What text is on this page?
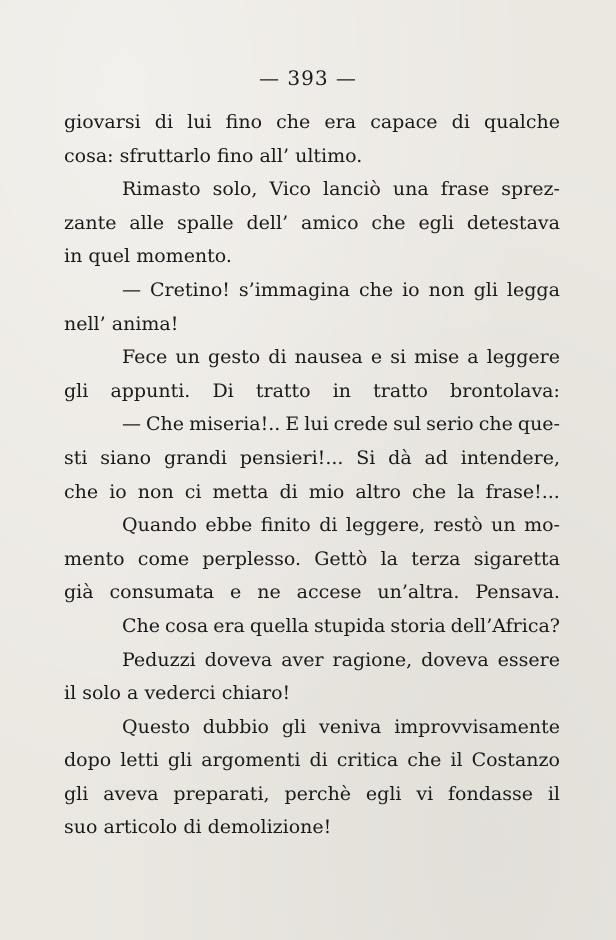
— 393 —
giovarsi di lui fino che era capace di qualche
cosa: sfruttarlo fino all’ ultimo.
Rimasto solo, Vico lanciò una frase sprez-
zante alle spalle dell’ amico che egli detestava
in quel momento.
— Cretino! s’immagina che io non gli legga
nell’ anima!
Fece un gesto di nausea e si mise a leggere
gli appunti. Di tratto in tratto brontolava:
— Che miseria!.. E lui crede sul serio che que-
sti siano grandi pensieri!... Si dà ad intendere,
che io non ci metta di mio altro che la frase!...
Quando ebbe finito di leggere, restò un mo-
mento come perplesso. Gettò la terza sigaretta
già consumata e ne accese un’altra. Pensava.
Che cosa era quella stupida storia dell’Africa?
Peduzzi doveva aver ragione, doveva essere
il solo a vederci chiaro!
Questo dubbio gli veniva improvvisamente
dopo letti gli argomenti di critica che il Costanzo
gli aveva preparati, perchè egli vi fondasse il
suo articolo di demolizione!
